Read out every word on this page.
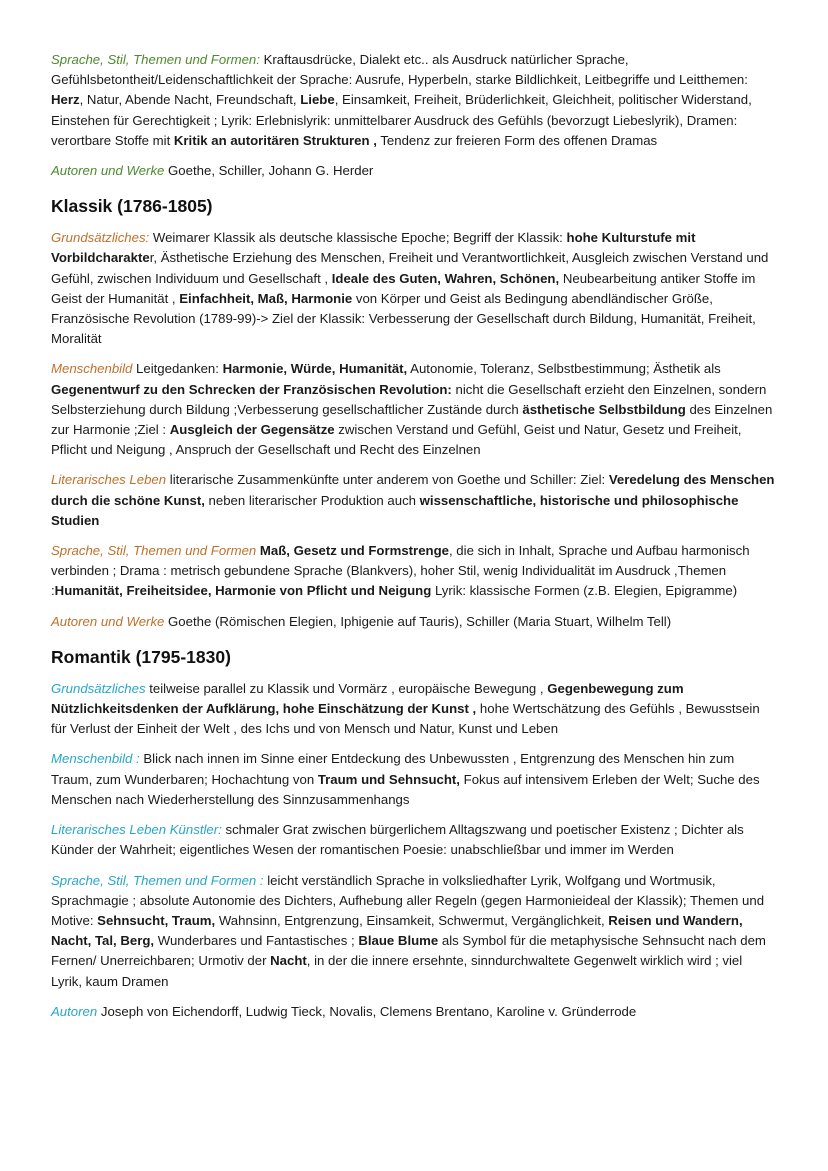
Sprache, Stil, Themen und Formen: Kraftausdrücke, Dialekt etc.. als Ausdruck natürlicher Sprache, Gefühlsbetontheit/Leidenschaftlichkeit der Sprache: Ausrufe, Hyperbeln, starke Bildlichkeit, Leitbegriffe und Leitthemen: Herz, Natur, Abende Nacht, Freundschaft, Liebe, Einsamkeit, Freiheit, Brüderlichkeit, Gleichheit, politischer Widerstand, Einstehen für Gerechtigkeit ; Lyrik: Erlebnislyrik: unmittelbarer Ausdruck des Gefühls (bevorzugt Liebeslyrik), Dramen: verortbare Stoffe mit Kritik an autoritären Strukturen , Tendenz zur freieren Form des offenen Dramas

Autoren und Werke Goethe, Schiller, Johann G. Herder

Klassik (1786-1805)

Grundsätzliches: Weimarer Klassik als deutsche klassische Epoche; Begriff der Klassik: hohe Kulturstufe mit Vorbildcharakter, Ästhetische Erziehung des Menschen, Freiheit und Verantwortlichkeit, Ausgleich zwischen Verstand und Gefühl, zwischen Individuum und Gesellschaft , Ideale des Guten, Wahren, Schönen, Neubearbeitung antiker Stoffe im Geist der Humanität , Einfachheit, Maß, Harmonie von Körper und Geist als Bedingung abendländischer Größe, Französische Revolution (1789-99)-> Ziel der Klassik: Verbesserung der Gesellschaft durch Bildung, Humanität, Freiheit, Moralität

Menschenbild Leitgedanken: Harmonie, Würde, Humanität, Autonomie, Toleranz, Selbstbestimmung; Ästhetik als Gegenentwurf zu den Schrecken der Französischen Revolution: nicht die Gesellschaft erzieht den Einzelnen, sondern Selbsterziehung durch Bildung ;Verbesserung gesellschaftlicher Zustände durch ästhetische Selbstbildung des Einzelnen zur Harmonie ;Ziel : Ausgleich der Gegensätze zwischen Verstand und Gefühl, Geist und Natur, Gesetz und Freiheit, Pflicht und Neigung , Anspruch der Gesellschaft und Recht des Einzelnen

Literarisches Leben literarische Zusammenkünfte unter anderem von Goethe und Schiller: Ziel: Veredelung des Menschen durch die schöne Kunst, neben literarischer Produktion auch wissenschaftliche, historische und philosophische Studien

Sprache, Stil, Themen und Formen Maß, Gesetz und Formstrenge, die sich in Inhalt, Sprache und Aufbau harmonisch verbinden ; Drama : metrisch gebundene Sprache (Blankvers), hoher Stil, wenig Individualität im Ausdruck ,Themen :Humanität, Freiheitsidee, Harmonie von Pflicht und Neigung Lyrik: klassische Formen (z.B. Elegien, Epigramme)

Autoren und Werke Goethe (Römischen Elegien, Iphigenie auf Tauris), Schiller (Maria Stuart, Wilhelm Tell)

Romantik (1795-1830)

Grundsätzliches teilweise parallel zu Klassik und Vormärz , europäische Bewegung , Gegenbewegung zum Nützlichkeitsdenken der Aufklärung, hohe Einschätzung der Kunst , hohe Wertschätzung des Gefühls , Bewusstsein für Verlust der Einheit der Welt , des Ichs und von Mensch und Natur, Kunst und Leben

Menschenbild : Blick nach innen im Sinne einer Entdeckung des Unbewussten , Entgrenzung des Menschen hin zum Traum, zum Wunderbaren; Hochachtung von Traum und Sehnsucht, Fokus auf intensivem Erleben der Welt; Suche des Menschen nach Wiederherstellung des Sinnzusammenhangs

Literarisches Leben Künstler: schmaler Grat zwischen bürgerlichem Alltagszwang und poetischer Existenz ; Dichter als Künder der Wahrheit; eigentliches Wesen der romantischen Poesie: unabschließbar und immer im Werden

Sprache, Stil, Themen und Formen : leicht verständlich Sprache in volksliedhafter Lyrik, Wolfgang und Wortmusik, Sprachmagie ; absolute Autonomie des Dichters, Aufhebung aller Regeln (gegen Harmonieideal der Klassik); Themen und Motive: Sehnsucht, Traum, Wahnsinn, Entgrenzung, Einsamkeit, Schwermut, Vergänglichkeit, Reisen und Wandern, Nacht, Tal, Berg, Wunderbares und Fantastisches ; Blaue Blume als Symbol für die metaphysische Sehnsucht nach dem Fernen/ Unerreichbaren; Urmotiv der Nacht, in der die innere ersehnte, sinndurchwaltete Gegenwelt wirklich wird ; viel Lyrik, kaum Dramen

Autoren Joseph von Eichendorff, Ludwig Tieck, Novalis, Clemens Brentano, Karoline v. Gründerrode
